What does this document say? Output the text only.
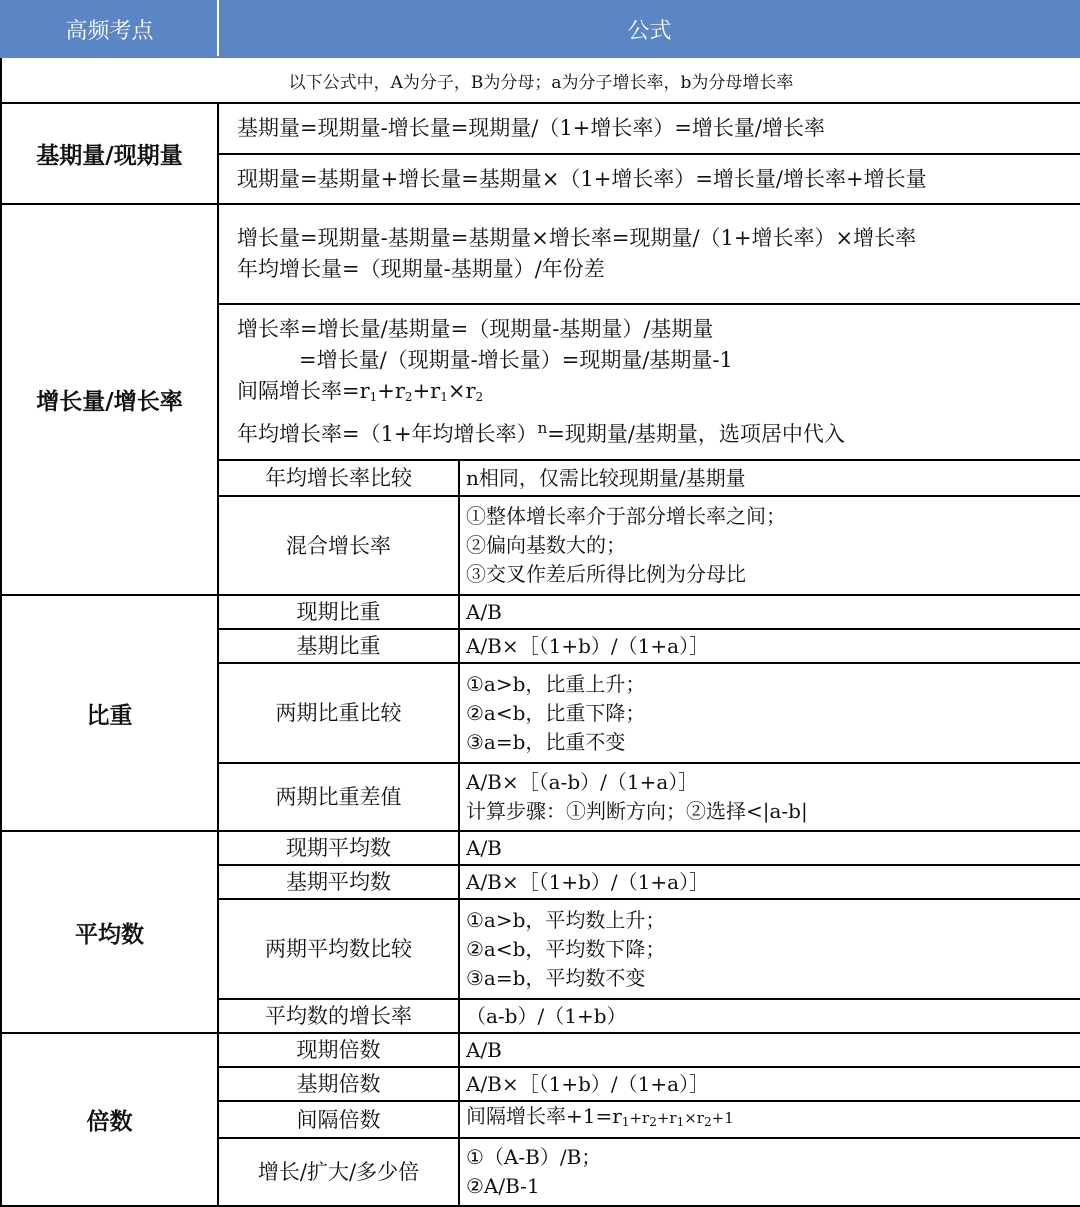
高频考点	公式	
以下公式中，A为分子，B为分母；a为分子增长率，b为分母增长率		
基期量/现期量	基期量=现期量-增长量=现期量/（1+增长率）=增长量/增长率	
	现期量=基期量+增长量=基期量×（1+增长率）=增长量/增长率+增长量	
增长量/增长率	增长量=现期量-基期量=基期量×增长率=现期量/（1+增长率）×增长率
年均增长量=（现期量-基期量）/年份差	

	增长率=增长量/基期量=（现期量-基期量）/基期量
=增长量/（现期量-增长量）=现期量/基期量-1
间隔增长率$=r_1+r_2+r_1\times r_2$
年均增长率=（1+年均增长率）$^n$=现期量/基期量，选项居中代入	

	年均增长率比较	n相同，仅需比较现期量/基期量
	混合增长率	①整体增长率介于部分增长率之间；
②偏向基数大的；
③交叉作差后所得比例为分母比

比重	现期比重	A/B
	基期比重	A/B×［（1+b）/（1+a）］
	两期比重比较	①a>b，比重上升；
②a<b，比重下降；
③a=b，比重不变

	两期比重差值	A/B×［（a-b）/（1+a）］
计算步骤：①判断方向；②选择<|a-b|

平均数	现期平均数	A/B
	基期平均数	A/B×［（1+b）/（1+a）］
	两期平均数比较	①a>b，平均数上升；
②a<b，平均数下降；
③a=b，平均数不变

	平均数的增长率	（a-b）/（1+b）
倍数	现期倍数	A/B
	基期倍数	A/B×［（1+b）/（1+a）］
	间隔倍数	间隔增长率$+1=r_1+r_2+r_1\times r_2+1$
	增长/扩大/多少倍	①（A-B）/B；
②A/B-1
